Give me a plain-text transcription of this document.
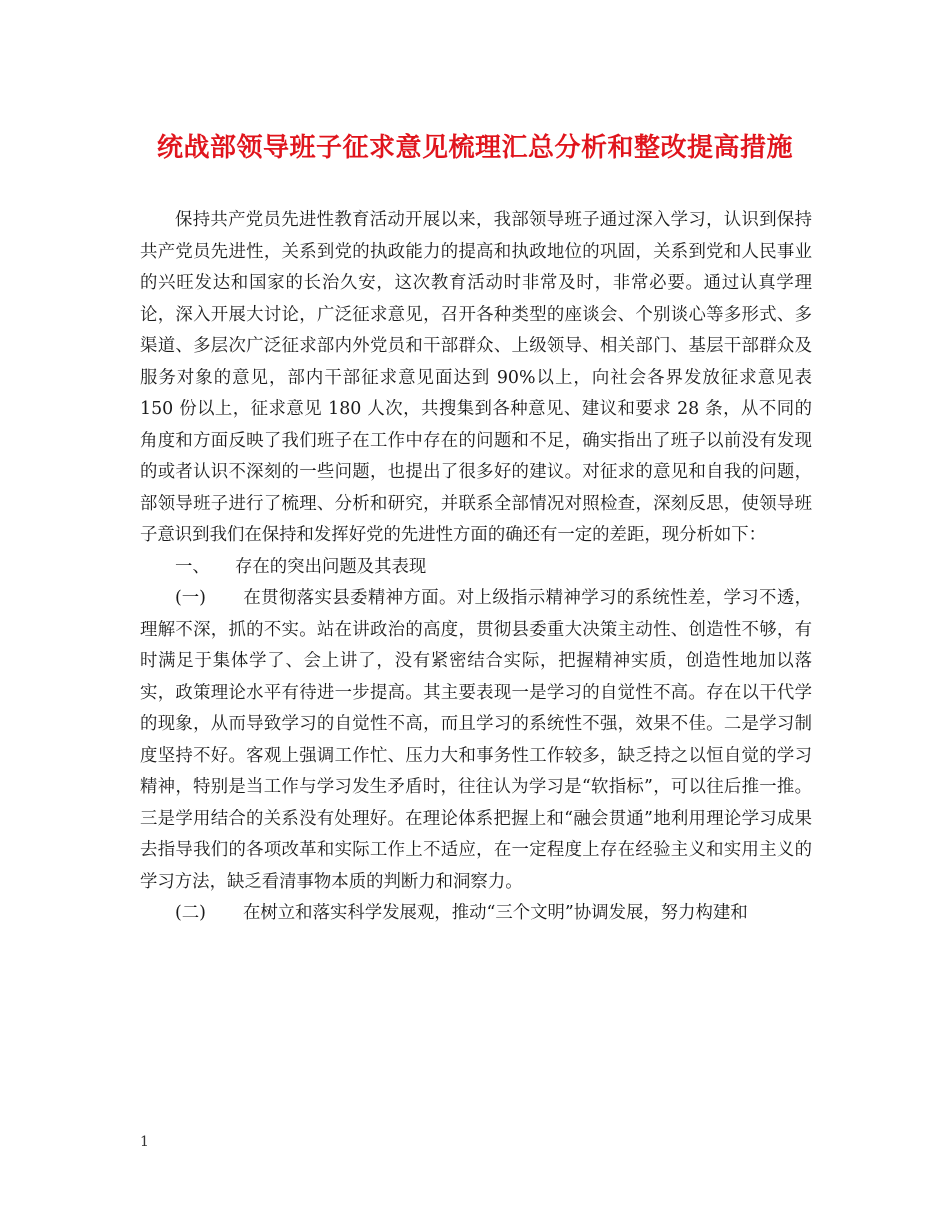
统战部领导班子征求意见梳理汇总分析和整改提高措施

保持共产党员先进性教育活动开展以来，我部领导班子通过深入学习，认识到保持共产党员先进性，关系到党的执政能力的提高和执政地位的巩固，关系到党和人民事业的兴旺发达和国家的长治久安，这次教育活动时非常及时，非常必要。通过认真学理论，深入开展大讨论，广泛征求意见，召开各种类型的座谈会、个别谈心等多形式、多渠道、多层次广泛征求部内外党员和干部群众、上级领导、相关部门、基层干部群众及服务对象的意见，部内干部征求意见面达到 90%以上，向社会各界发放征求意见表 150 份以上，征求意见 180 人次，共搜集到各种意见、建议和要求 28 条，从不同的角度和方面反映了我们班子在工作中存在的问题和不足，确实指出了班子以前没有发现的或者认识不深刻的一些问题，也提出了很多好的建议。对征求的意见和自我的问题，部领导班子进行了梳理、分析和研究，并联系全部情况对照检查，深刻反思，使领导班子意识到我们在保持和发挥好党的先进性方面的确还有一定的差距，现分析如下：

一、 存在的突出问题及其表现

(一) 在贯彻落实县委精神方面。对上级指示精神学习的系统性差，学习不透，理解不深，抓的不实。站在讲政治的高度，贯彻县委重大决策主动性、创造性不够，有时满足于集体学了、会上讲了，没有紧密结合实际，把握精神实质，创造性地加以落实，政策理论水平有待进一步提高。其主要表现一是学习的自觉性不高。存在以干代学的现象，从而导致学习的自觉性不高，而且学习的系统性不强，效果不佳。二是学习制度坚持不好。客观上强调工作忙、压力大和事务性工作较多，缺乏持之以恒自觉的学习精神，特别是当工作与学习发生矛盾时，往往认为学习是“软指标”，可以往后推一推。三是学用结合的关系没有处理好。在理论体系把握上和“融会贯通”地利用理论学习成果去指导我们的各项改革和实际工作上不适应，在一定程度上存在经验主义和实用主义的学习方法，缺乏看清事物本质的判断力和洞察力。

(二) 在树立和落实科学发展观，推动“三个文明”协调发展，努力构建和

1
